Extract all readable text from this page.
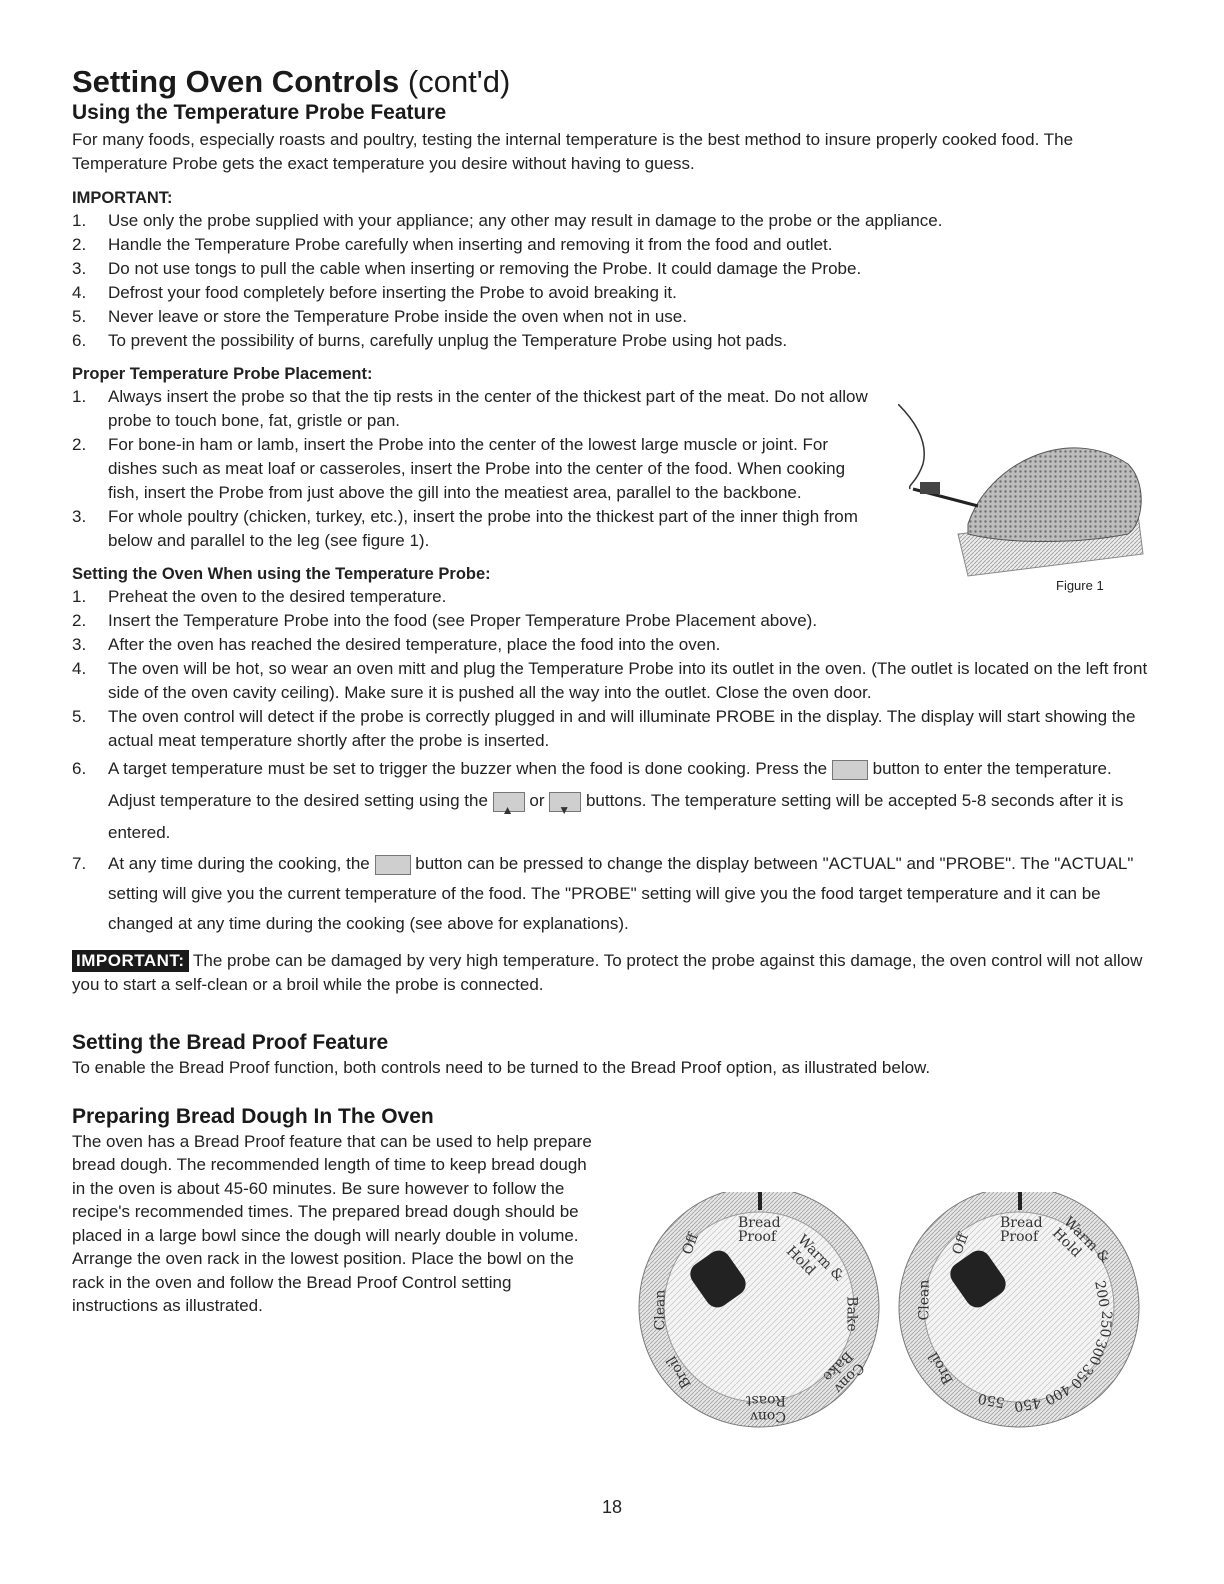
Setting Oven Controls (cont'd)
Using the Temperature Probe Feature

For many foods, especially roasts and poultry, testing the internal temperature is the best method to insure properly cooked food. The Temperature Probe gets the exact temperature you desire without having to guess.

IMPORTANT:
1. Use only the probe supplied with your appliance; any other may result in damage to the probe or the appliance.
2. Handle the Temperature Probe carefully when inserting and removing it from the food and outlet.
3. Do not use tongs to pull the cable when inserting or removing the Probe. It could damage the Probe.
4. Defrost your food completely before inserting the Probe to avoid breaking it.
5. Never leave or store the Temperature Probe inside the oven when not in use.
6. To prevent the possibility of burns, carefully unplug the Temperature Probe using hot pads.
Proper Temperature Probe Placement:
1. Always insert the probe so that the tip rests in the center of the thickest part of the meat. Do not allow probe to touch bone, fat, gristle or pan.
2. For bone-in ham or lamb, insert the Probe into the center of the lowest large muscle or joint. For dishes such as meat loaf or casseroles, insert the Probe into the center of the food. When cooking fish, insert the Probe from just above the gill into the meatiest area, parallel to the backbone.
3. For whole poultry (chicken, turkey, etc.), insert the probe into the thickest part of the inner thigh from below and parallel to the leg (see figure 1).
Setting the Oven When using the Temperature Probe:
1. Preheat the oven to the desired temperature.
2. Insert the Temperature Probe into the food (see Proper Temperature Probe Placement above).
3. After the oven has reached the desired temperature, place the food into the oven.
4. The oven will be hot, so wear an oven mitt and plug the Temperature Probe into its outlet in the oven. (The outlet is located on the left front side of the oven cavity ceiling). Make sure it is pushed all the way into the outlet. Close the oven door.
5. The oven control will detect if the probe is correctly plugged in and will illuminate PROBE in the display. The display will start showing the actual meat temperature shortly after the probe is inserted.
6. A target temperature must be set to trigger the buzzer when the food is done cooking. Press the	button to enter the temperature. Adjust temperature to the desired setting using the ▲ or ▼ buttons. The temperature setting will be accepted 5-8 seconds after it is entered.
7. At any time during the cooking, the	button can be pressed to change the display between "ACTUAL" and "PROBE". The "ACTUAL" setting will give you the current temperature of the food. The "PROBE" setting will give you the food target temperature and it can be changed at any time during the cooking (see above for explanations).

IMPORTANT: The probe can be damaged by very high temperature. To protect the probe against this damage, the oven control will not allow you to start a self-clean or a broil while the probe is connected.

Setting the Bread Proof Feature

To enable the Bread Proof function, both controls need to be turned to the Bread Proof option, as illustrated below.

Preparing Bread Dough In The Oven

The oven has a Bread Proof feature that can be used to help prepare bread dough. The recommended length of time to keep bread dough in the oven is about 45-60 minutes. Be sure however to follow the recipe's recommended times. The prepared bread dough should be placed in a large bowl since the dough will nearly double in volume. Arrange the oven rack in the lowest position. Place the bowl on the rack in the oven and follow the Bread Proof Control setting instructions as illustrated.

Figure 1
Off
Bread Proof	Warm & Hold
Bake
Conv Bake
Conv Roast
Broil
Clean
Off
Bread Proof	Warm & Hold
200
250
300
350
400
450
550
Broil
Clean
18
